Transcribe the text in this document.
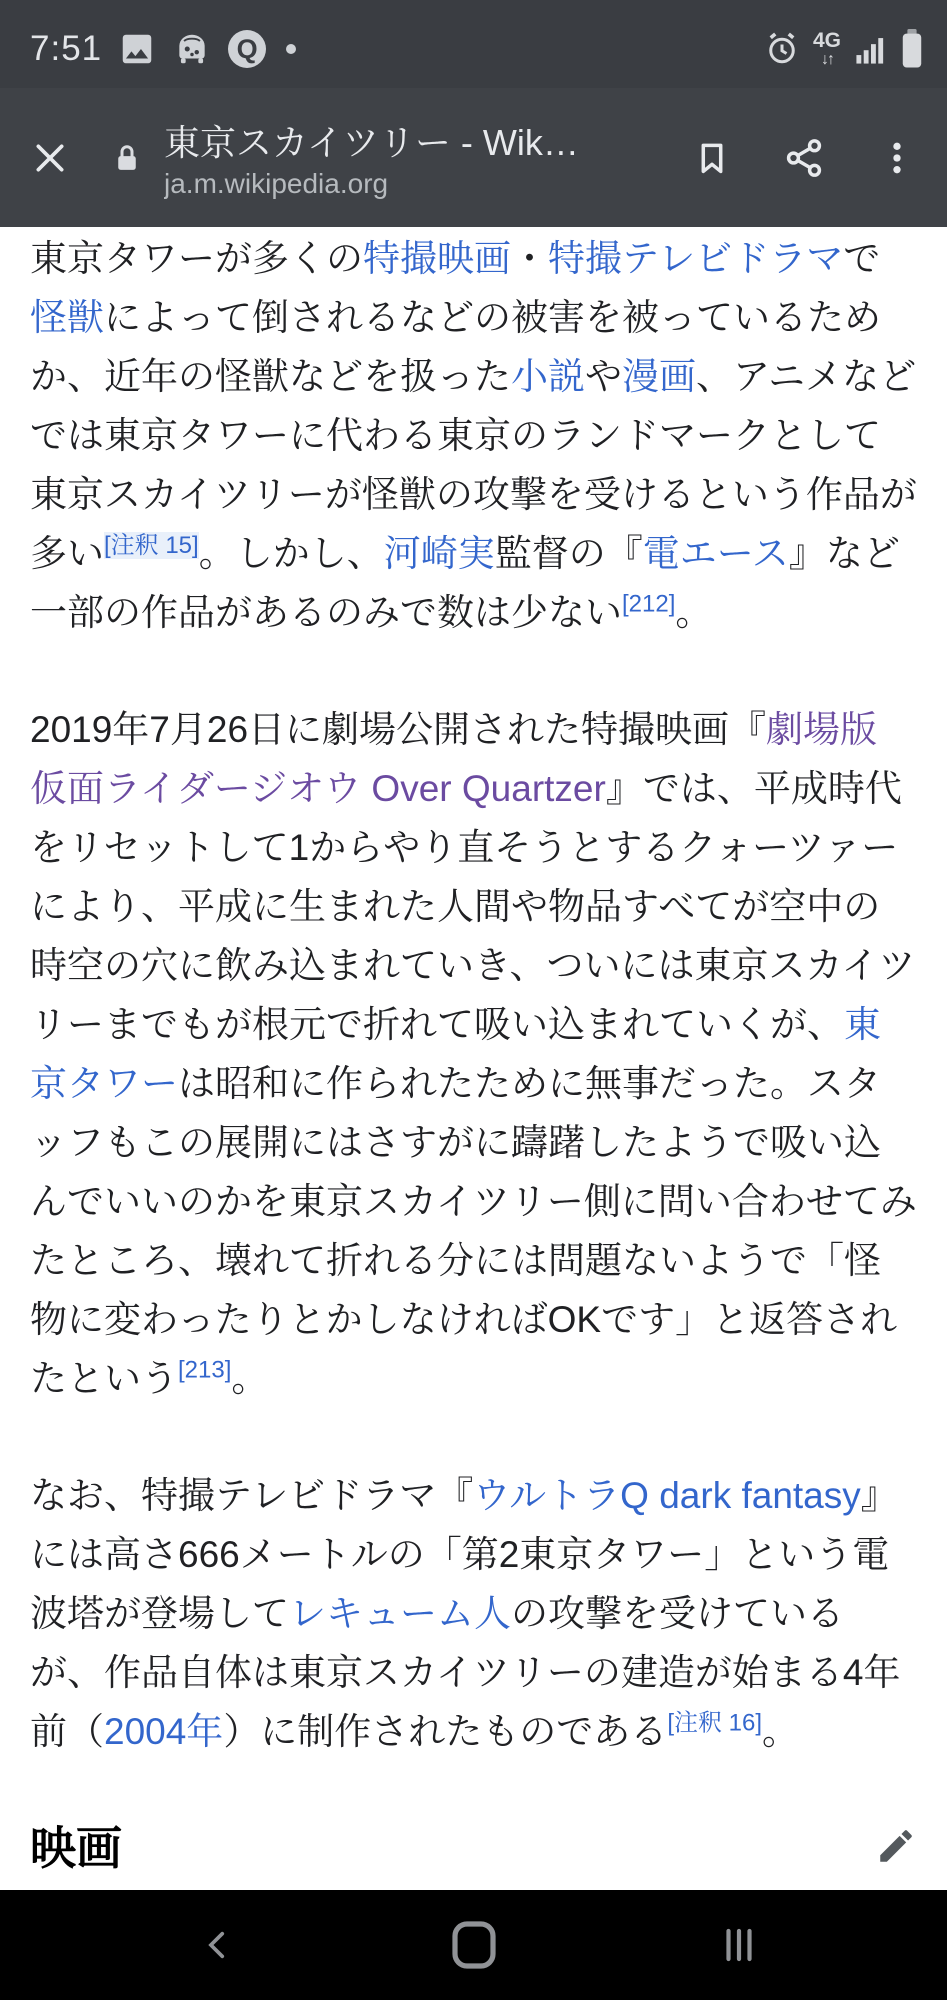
7:51	Q	4G
↓↑
東京スカイツリー - Wik…
ja.m.wikipedia.org

東京タワーが多くの特撮映画・特撮テレビドラマで怪獣によって倒されるなどの被害を被っているためか、近年の怪獣などを扱った小説や漫画、アニメなどでは東京タワーに代わる東京のランドマークとして東京スカイツリーが怪獣の攻撃を受けるという作品が多い[注釈 15]。しかし、河崎実監督の『電エース』など一部の作品があるのみで数は少ない[212]。

2019年7月26日に劇場公開された特撮映画『劇場版 仮面ライダージオウ Over Quartzer』では、平成時代をリセットして1からやり直そうとするクォーツァーにより、平成に生まれた人間や物品すべてが空中の時空の穴に飲み込まれていき、ついには東京スカイツリーまでもが根元で折れて吸い込まれていくが、東京タワーは昭和に作られたために無事だった。スタッフもこの展開にはさすがに躊躇したようで吸い込んでいいのかを東京スカイツリー側に問い合わせてみたところ、壊れて折れる分には問題ないようで「怪物に変わったりとかしなければOKです」と返答されたという[213]。

なお、特撮テレビドラマ『ウルトラQ dark fantasy』には高さ666メートルの「第2東京タワー」という電波塔が登場してレキューム人の攻撃を受けているが、作品自体は東京スカイツリーの建造が始まる4年前（2004年）に制作されたものである[注釈 16]。

映画
